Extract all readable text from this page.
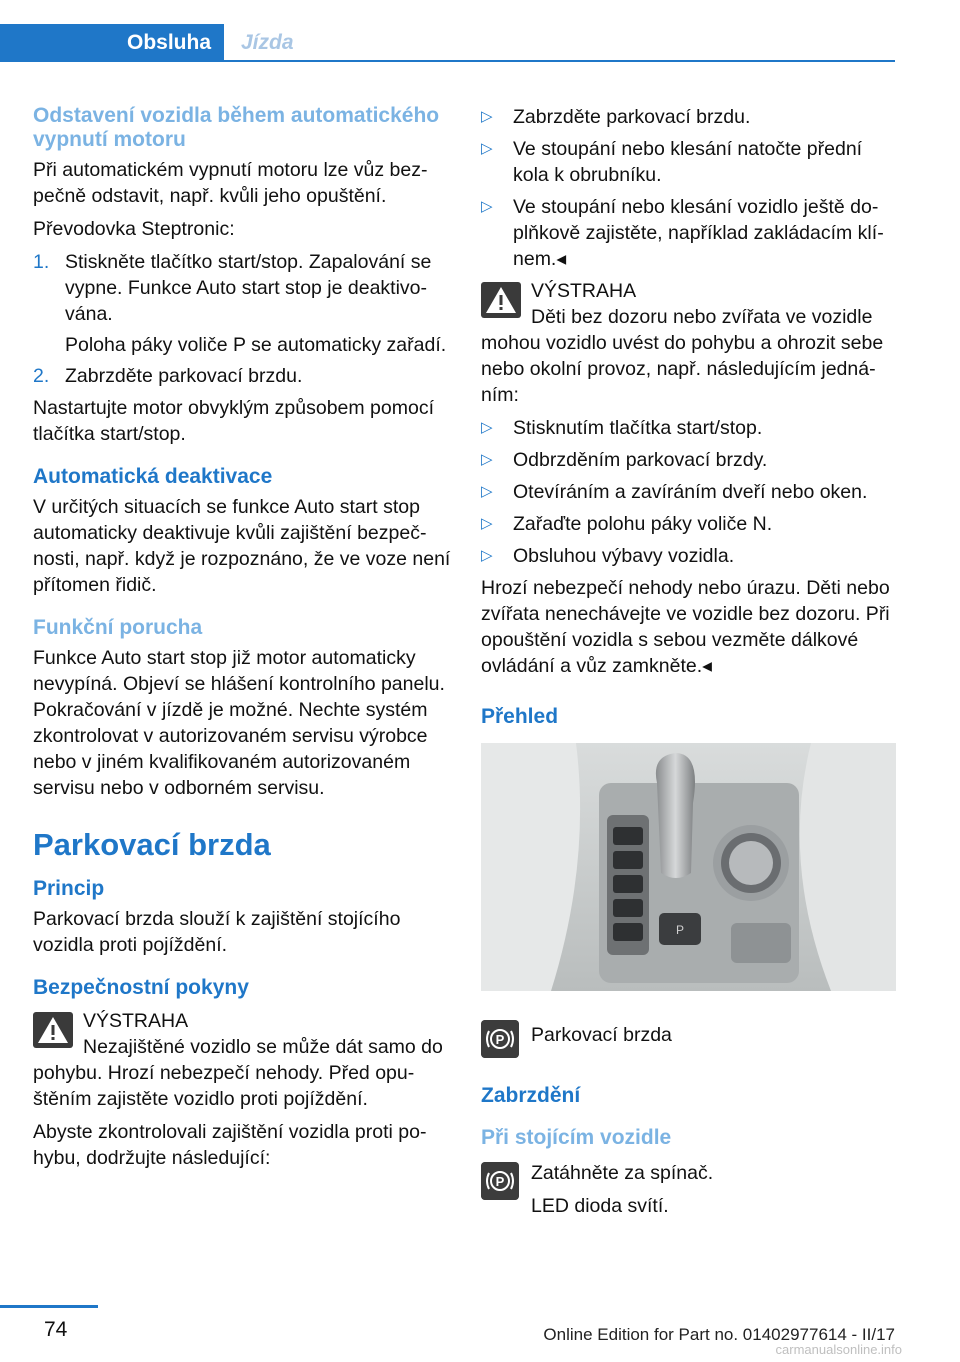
Obsluha	Jízda
Odstavení vozidla během automatického vypnutí motoru

Při automatickém vypnutí motoru lze vůz bezpečně odstavit, např. kvůli jeho opuštění.

Převodovka Steptronic:

1. Stiskněte tlačítko start/stop. Zapalování se vypne. Funkce Auto start stop je deaktivována.
Poloha páky voliče P se automaticky zařadí.
2. Zabrzděte parkovací brzdu.

Nastartujte motor obvyklým způsobem pomocí tlačítka start/stop.

Automatická deaktivace

V určitých situacích se funkce Auto start stop automaticky deaktivuje kvůli zajištění bezpečnosti, např. když je rozpoznáno, že ve voze není přítomen řidič.

Funkční porucha

Funkce Auto start stop již motor automaticky nevypíná. Objeví se hlášení kontrolního panelu. Pokračování v jízdě je možné. Nechte systém zkontrolovat v autorizovaném servisu výrobce nebo v jiném kvalifikovaném autorizovaném servisu nebo v odborném servisu.

Parkovací brzda
Princip

Parkovací brzda slouží k zajištění stojícího vozidla proti pojíždění.

Bezpečnostní pokyny
VÝSTRAHA

Nezajištěné vozidlo se může dát samo do pohybu. Hrozí nebezpečí nehody. Před opuštěním zajistěte vozidlo proti pojíždění.

Abyste zkontrolovali zajištění vozidla proti pohybu, dodržujte následující:

▷ Zabrzděte parkovací brzdu.
▷ Ve stoupání nebo klesání natočte přední kola k obrubníku.
▷ Ve stoupání nebo klesání vozidlo ještě doplňkově zajistěte, například zakládacím klínem.◂
VÝSTRAHA

Děti bez dozoru nebo zvířata ve vozidle mohou vozidlo uvést do pohybu a ohrozit sebe nebo okolní provoz, např. následujícím jednáním:

▷ Stisknutím tlačítka start/stop.
▷ Odbrzděním parkovací brzdy.
▷ Otevíráním a zavíráním dveří nebo oken.
▷ Zařaďte polohu páky voliče N.
▷ Obsluhou výbavy vozidla.

Hrozí nebezpečí nehody nebo úrazu. Děti nebo zvířata nenechávejte ve vozidle bez dozoru. Při opouštění vozidla s sebou vezměte dálkové ovládání a vůz zamkněte.◂

Přehled
P
P Parkovací brzda
Zabrzdění
Při stojícím vozidle
P Zatáhněte za spínač.

LED dioda svítí.

74	Online Edition for Part no. 01402977614 - II/17
carmanualsonline.info
